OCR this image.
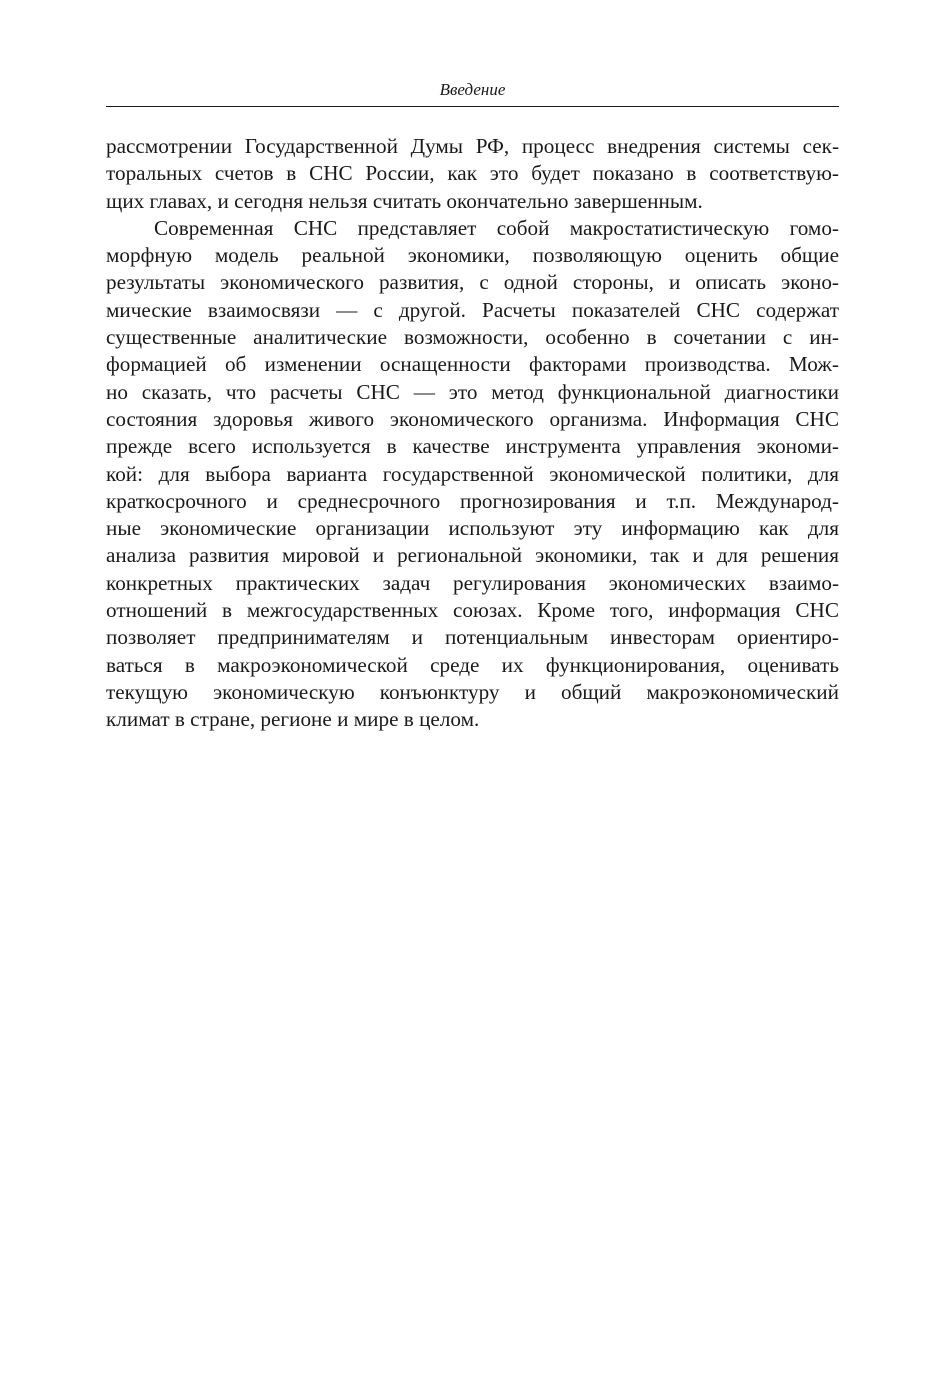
Введение
рассмотрении Государственной Думы РФ, процесс внедрения системы сек-
торальных счетов в СНС России, как это будет показано в соответствую-
щих главах, и сегодня нельзя считать окончательно завершенным.
Современная СНС представляет собой макростатистическую гомо-
морфную модель реальной экономики, позволяющую оценить общие
результаты экономического развития, с одной стороны, и описать эконо-
мические взаимосвязи — с другой. Расчеты показателей СНС содержат
существенные аналитические возможности, особенно в сочетании с ин-
формацией об изменении оснащенности факторами производства. Мож-
но сказать, что расчеты СНС — это метод функциональной диагностики
состояния здоровья живого экономического организма. Информация СНС
прежде всего используется в качестве инструмента управления экономи-
кой: для выбора варианта государственной экономической политики, для
краткосрочного и среднесрочного прогнозирования и т.п. Международ-
ные экономические организации используют эту информацию как для
анализа развития мировой и региональной экономики, так и для решения
конкретных практических задач регулирования экономических взаимо-
отношений в межгосударственных союзах. Кроме того, информация СНС
позволяет предпринимателям и потенциальным инвесторам ориентиро-
ваться в макроэкономической среде их функционирования, оценивать
текущую экономическую конъюнктуру и общий макроэкономический
климат в стране, регионе и мире в целом.
